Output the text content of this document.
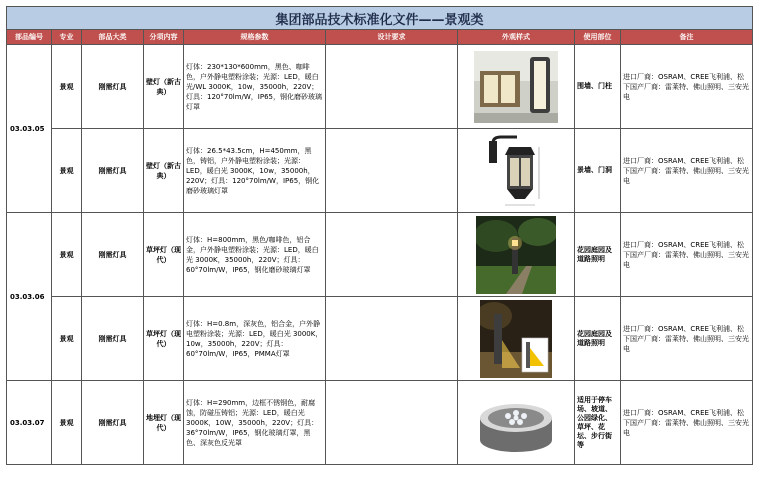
集团部品技术标准化文件——景观类								
部品编号	专业	部品大类	分项内容	规格参数	设计要求	外观样式	使用部位	备注
03.03.05	景观	刚需灯具	壁灯（新古典）	灯体：230*130*600mm，黑色、咖啡色，户外静电塑粉涂装；光源：LED，暖白光/WL 3000K，10w，35000h，220V；灯具：120°70lm/W，IP65，钢化磨砂玻璃灯罩			围墙、门柱	进口厂商：OSRAM、CREE飞利浦、松下国产厂商：雷莱特、佛山照明、三安光电
	景观	刚需灯具	壁灯（新古典）	灯体：26.5*43.5cm，H=450mm，黑色，铸铝，户外静电塑粉涂装；光源：LED，暖白光 3000K，10w，35000h，220V；灯具：120°70lm/W，IP65，钢化磨砂玻璃灯罩			景墙、门洞	进口厂商：OSRAM、CREE飞利浦、松下国产厂商：雷莱特、佛山照明、三安光电
03.03.06	景观	刚需灯具	草坪灯（现代）	灯体：H=800mm，黑色/咖啡色，铝合金，户外静电塑粉涂装；光源：LED，暖白光 3000K，35000h，220V；灯具：60°70lm/W，IP65，钢化磨砂玻璃灯罩			花园庭园及道路照明	进口厂商：OSRAM、CREE飞利浦、松下国产厂商：雷莱特、佛山照明、三安光电
	景观	刚需灯具	草坪灯（现代）	灯体：H=0.8m，深灰色，铝合金，户外静电塑粉涂装；光源：LED，暖白光 3000K，10w，35000h，220V；灯具：60°70lm/W，IP65，PMMA灯罩			花园庭园及道路照明	进口厂商：OSRAM、CREE飞利浦、松下国产厂商：雷莱特、佛山照明、三安光电
03.03.07	景观	刚需灯具	地埋灯（现代）	灯体：H=290mm，边框不锈钢色，耐腐蚀，防碰压铸铝；光源：LED，暖白光 3000K，10W，35000h，220V；灯具：36°70lm/W，IP65，钢化玻璃灯罩，黑色、深灰色反光罩			适用于停车场、坡道、公园绿化、草坪、花坛、步行街等	进口厂商：OSRAM、CREE飞利浦、松下国产厂商：雷莱特、佛山照明、三安光电
